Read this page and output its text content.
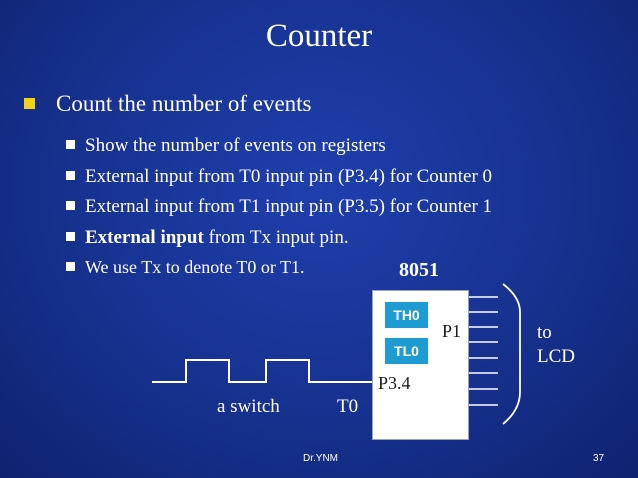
Counter
Count the number of events
Show the number of events on registers
External input from T0 input pin (P3.4) for Counter 0
External input from T1 input pin (P3.5) for Counter 1
External input from Tx input pin.
We use Tx to denote T0 or T1.
TH0
TL0
P1
P3.4
8051
to
LCD
a switch	T0
Dr.YNM	37
